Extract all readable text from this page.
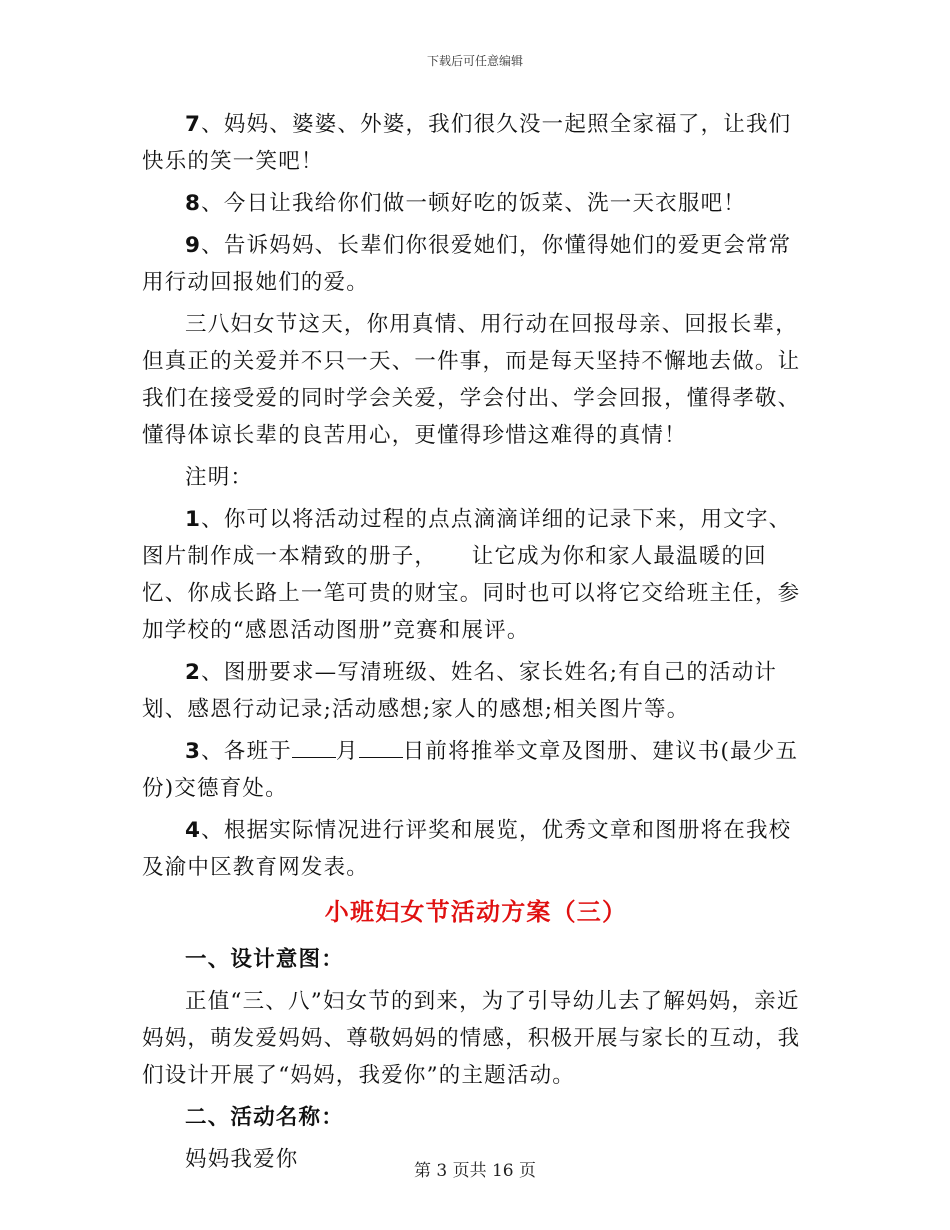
下载后可任意编辑

7、妈妈、婆婆、外婆，我们很久没一起照全家福了，让我们快乐的笑一笑吧！

8、今日让我给你们做一顿好吃的饭菜、洗一天衣服吧！

9、告诉妈妈、长辈们你很爱她们，你懂得她们的爱更会常常用行动回报她们的爱。

三八妇女节这天，你用真情、用行动在回报母亲、回报长辈，但真正的关爱并不只一天、一件事，而是每天坚持不懈地去做。让我们在接受爱的同时学会关爱，学会付出、学会回报，懂得孝敬、懂得体谅长辈的良苦用心，更懂得珍惜这难得的真情！

注明：

1、你可以将活动过程的点点滴滴详细的记录下来，用文字、图片制作成一本精致的册子，　　让它成为你和家人最温暖的回忆、你成长路上一笔可贵的财宝。同时也可以将它交给班主任，参加学校的“感恩活动图册”竞赛和展评。

2、图册要求—写清班级、姓名、家长姓名;有自己的活动计划、感恩行动记录;活动感想;家人的感想;相关图片等。

3、各班于 月 日前将推举文章及图册、建议书(最少五份)交德育处。

4、根据实际情况进行评奖和展览，优秀文章和图册将在我校及渝中区教育网发表。

小班妇女节活动方案（三）

一、设计意图：

正值“三、八”妇女节的到来，为了引导幼儿去了解妈妈，亲近妈妈，萌发爱妈妈、尊敬妈妈的情感，积极开展与家长的互动，我们设计开展了“妈妈，我爱你”的主题活动。

二、活动名称：

妈妈我爱你	第 3 页共 16 页
